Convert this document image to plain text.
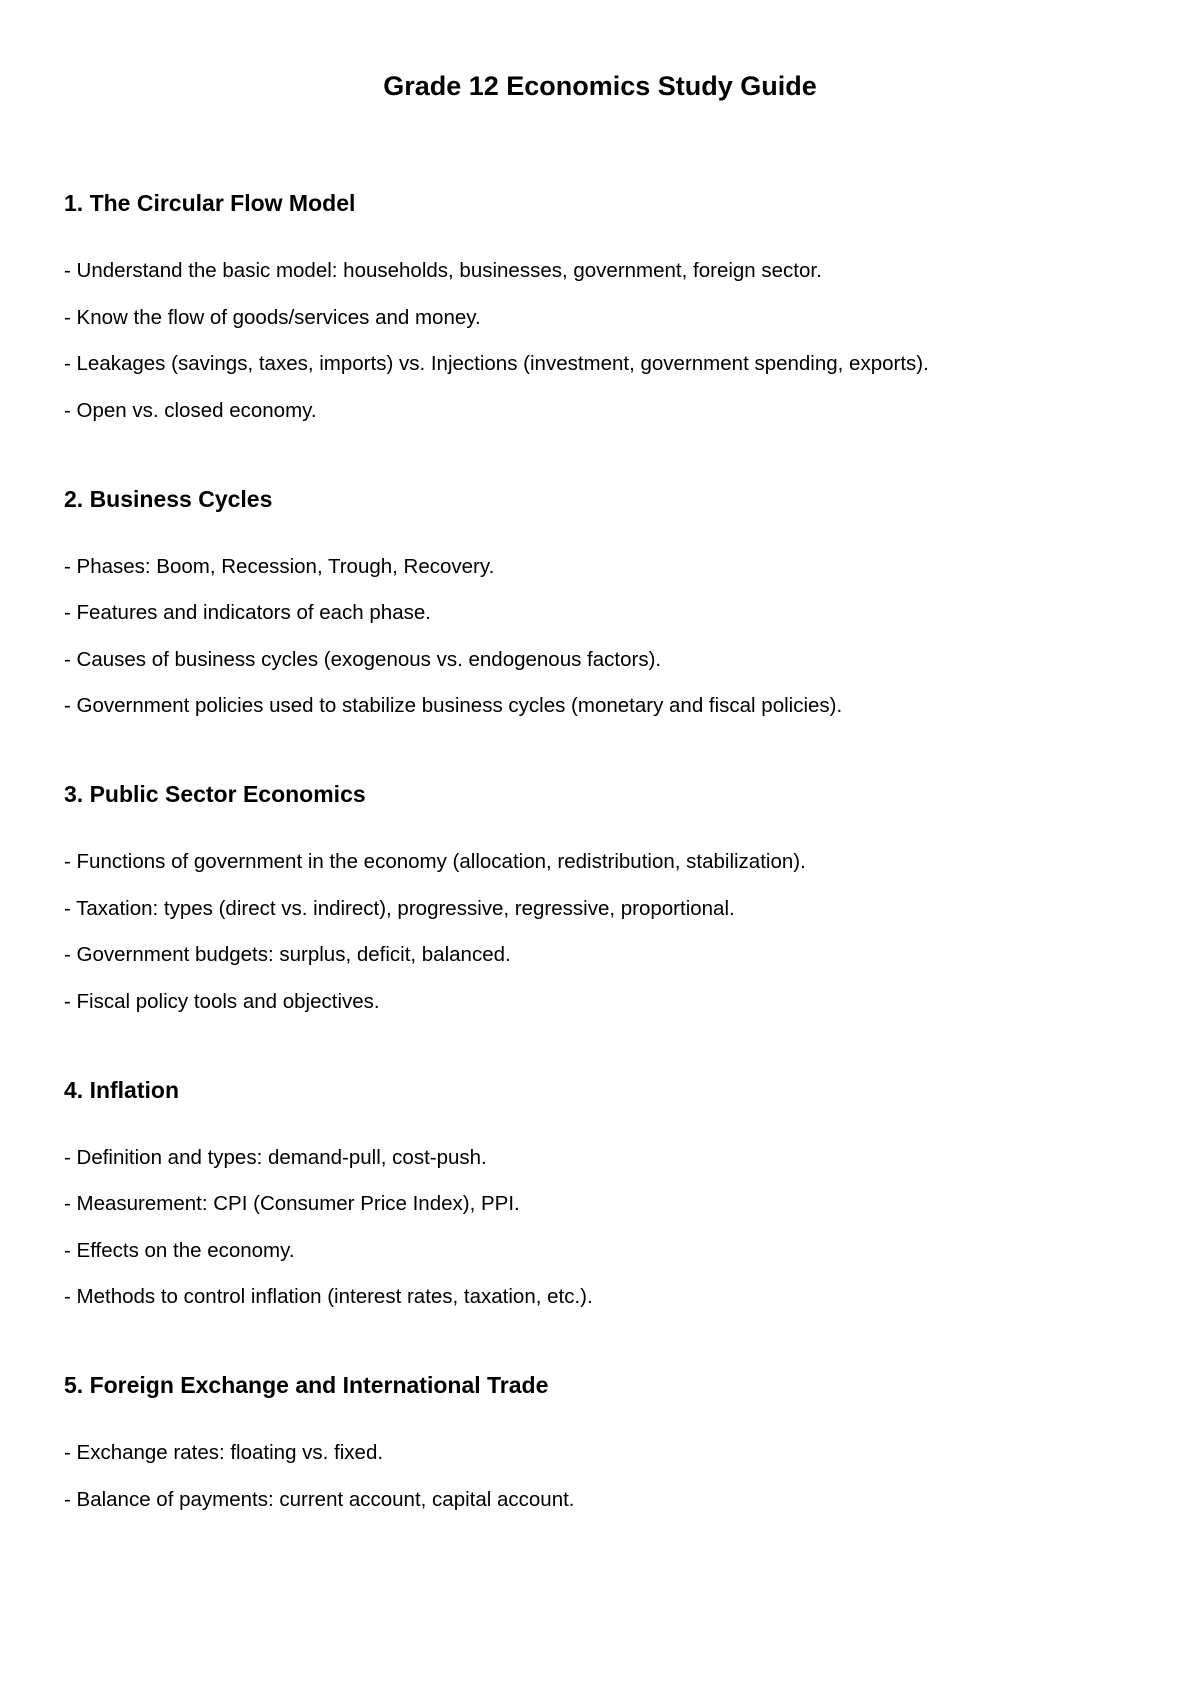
Grade 12 Economics Study Guide
1. The Circular Flow Model
- Understand the basic model: households, businesses, government, foreign sector.
- Know the flow of goods/services and money.
- Leakages (savings, taxes, imports) vs. Injections (investment, government spending, exports).
- Open vs. closed economy.
2. Business Cycles
- Phases: Boom, Recession, Trough, Recovery.
- Features and indicators of each phase.
- Causes of business cycles (exogenous vs. endogenous factors).
- Government policies used to stabilize business cycles (monetary and fiscal policies).
3. Public Sector Economics
- Functions of government in the economy (allocation, redistribution, stabilization).
- Taxation: types (direct vs. indirect), progressive, regressive, proportional.
- Government budgets: surplus, deficit, balanced.
- Fiscal policy tools and objectives.
4. Inflation
- Definition and types: demand-pull, cost-push.
- Measurement: CPI (Consumer Price Index), PPI.
- Effects on the economy.
- Methods to control inflation (interest rates, taxation, etc.).
5. Foreign Exchange and International Trade
- Exchange rates: floating vs. fixed.
- Balance of payments: current account, capital account.
